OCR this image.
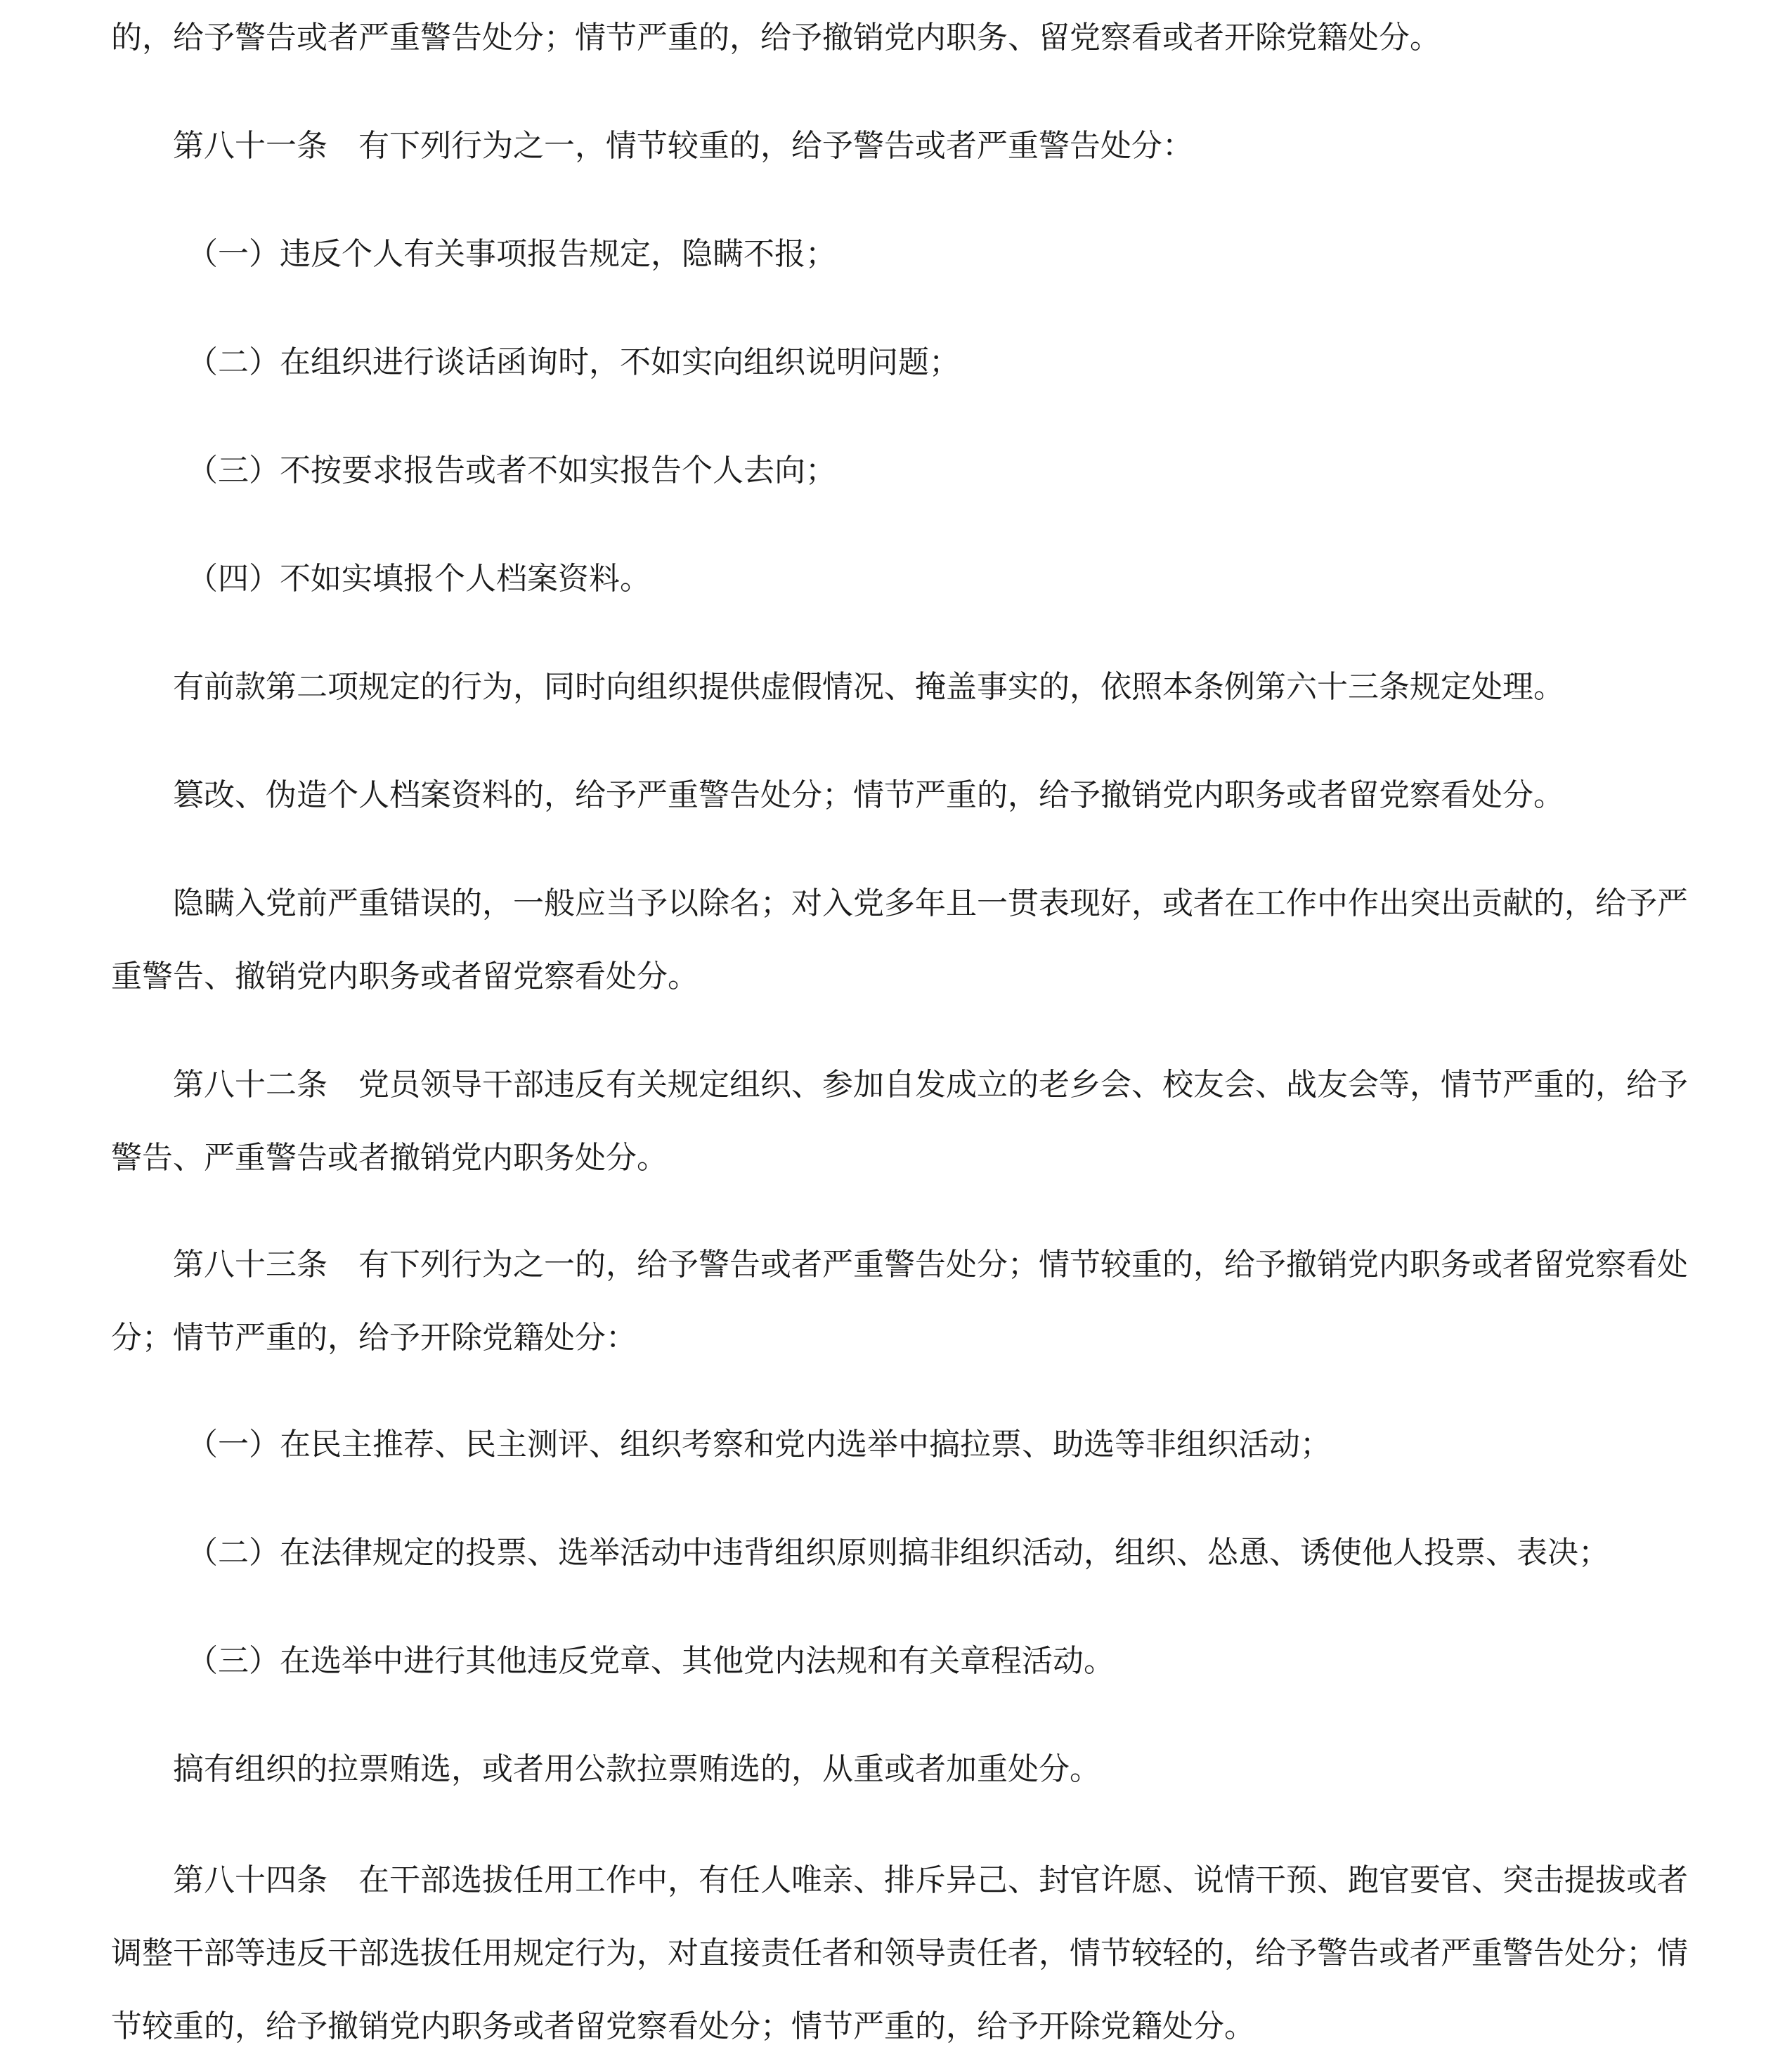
的，给予警告或者严重警告处分；情节严重的，给予撤销党内职务、留党察看或者开除党籍处分。

第八十一条　有下列行为之一，情节较重的，给予警告或者严重警告处分：

（一）违反个人有关事项报告规定，隐瞒不报；

（二）在组织进行谈话函询时，不如实向组织说明问题；

（三）不按要求报告或者不如实报告个人去向；

（四）不如实填报个人档案资料。

有前款第二项规定的行为，同时向组织提供虚假情况、掩盖事实的，依照本条例第六十三条规定处理。

篡改、伪造个人档案资料的，给予严重警告处分；情节严重的，给予撤销党内职务或者留党察看处分。

隐瞒入党前严重错误的，一般应当予以除名；对入党多年且一贯表现好，或者在工作中作出突出贡献的，给予严重警告、撤销党内职务或者留党察看处分。

第八十二条　党员领导干部违反有关规定组织、参加自发成立的老乡会、校友会、战友会等，情节严重的，给予警告、严重警告或者撤销党内职务处分。

第八十三条　有下列行为之一的，给予警告或者严重警告处分；情节较重的，给予撤销党内职务或者留党察看处分；情节严重的，给予开除党籍处分：

（一）在民主推荐、民主测评、组织考察和党内选举中搞拉票、助选等非组织活动；

（二）在法律规定的投票、选举活动中违背组织原则搞非组织活动，组织、怂恿、诱使他人投票、表决；

（三）在选举中进行其他违反党章、其他党内法规和有关章程活动。

搞有组织的拉票贿选，或者用公款拉票贿选的，从重或者加重处分。

第八十四条　在干部选拔任用工作中，有任人唯亲、排斥异己、封官许愿、说情干预、跑官要官、突击提拔或者调整干部等违反干部选拔任用规定行为，对直接责任者和领导责任者，情节较轻的，给予警告或者严重警告处分；情节较重的，给予撤销党内职务或者留党察看处分；情节严重的，给予开除党籍处分。
